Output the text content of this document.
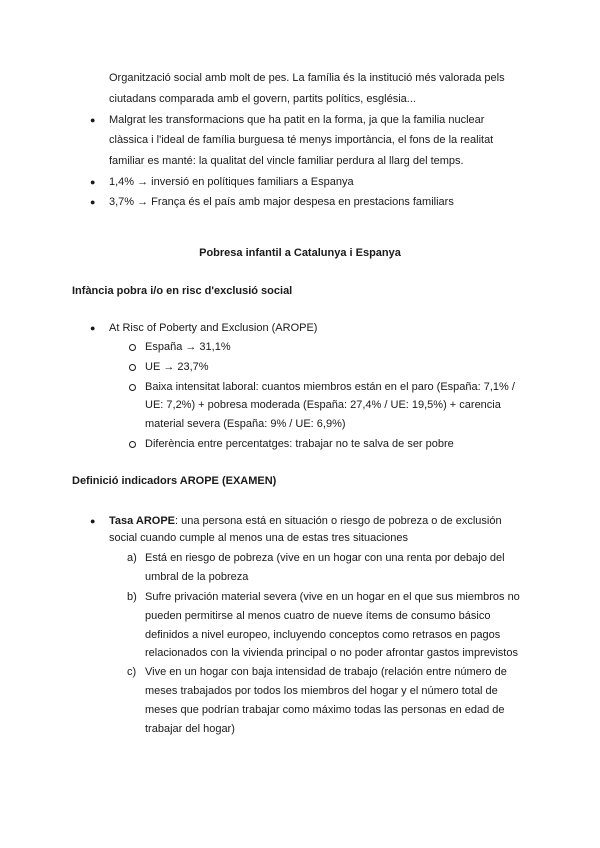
Organització social amb molt de pes. La família és la institució més valorada pels
ciutadans comparada amb el govern, partits polítics, església...
● Malgrat les transformacions que ha patit en la forma, ja que la familia nuclear
clàssica i l'ideal de família burguesa té menys importància, el fons de la realitat
familiar es manté: la qualitat del vincle familiar perdura al llarg del temps.
● 1,4% → inversió en polítiques familiars a Espanya
● 3,7% → França és el país amb major despesa en prestacions familiars
Pobresa infantil a Catalunya i Espanya
Infància pobra i/o en risc d'exclusió social
● At Risc of Poberty and Exclusion (AROPE)
España → 31,1%
UE → 23,7%
Baixa intensitat laboral: cuantos miembros están en el paro (España: 7,1% /
UE: 7,2%) + pobresa moderada (España: 27,4% / UE: 19,5%) + carencia
material severa (España: 9% / UE: 6,9%)
Diferència entre percentatges: trabajar no te salva de ser pobre
Definició indicadors AROPE (EXAMEN)
● Tasa AROPE: una persona está en situación o riesgo de pobreza o de exclusión
social cuando cumple al menos una de estas tres situaciones
a) Está en riesgo de pobreza (vive en un hogar con una renta por debajo del
umbral de la pobreza
b) Sufre privación material severa (vive en un hogar en el que sus miembros no
pueden permitirse al menos cuatro de nueve ítems de consumo básico
definidos a nivel europeo, incluyendo conceptos como retrasos en pagos
relacionados con la vivienda principal o no poder afrontar gastos imprevistos
c) Vive en un hogar con baja intensidad de trabajo (relación entre número de
meses trabajados por todos los miembros del hogar y el número total de
meses que podrían trabajar como máximo todas las personas en edad de
trabajar del hogar)
